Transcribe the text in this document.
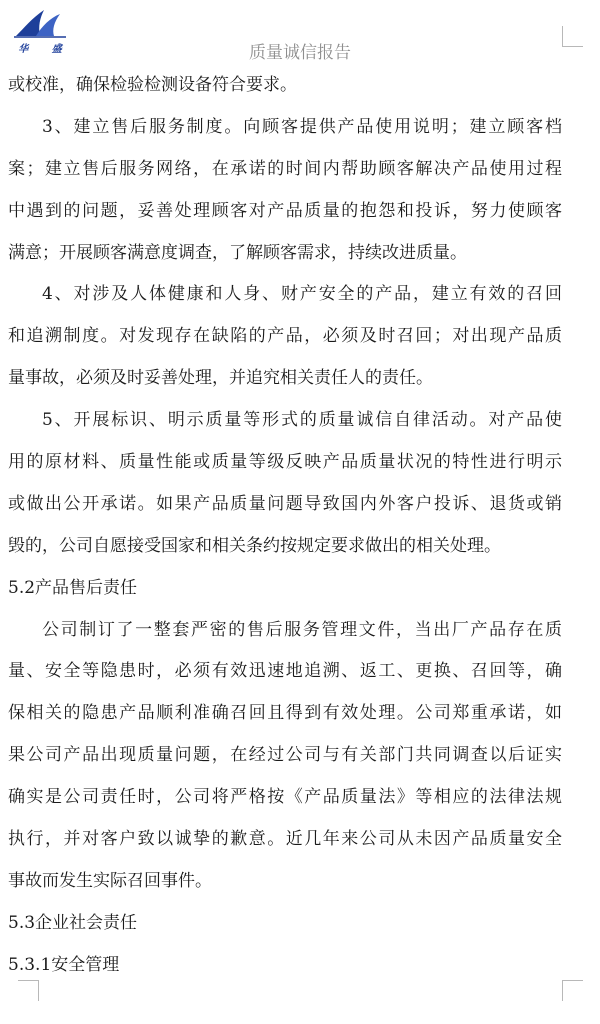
华 盛	质量诚信报告
或校准，确保检验检测设备符合要求。
3、建立售后服务制度。向顾客提供产品使用说明；建立顾客档
案；建立售后服务网络，在承诺的时间内帮助顾客解决产品使用过程
中遇到的问题，妥善处理顾客对产品质量的抱怨和投诉，努力使顾客
满意；开展顾客满意度调查，了解顾客需求，持续改进质量。
4、对涉及人体健康和人身、财产安全的产品，建立有效的召回
和追溯制度。对发现存在缺陷的产品，必须及时召回；对出现产品质
量事故，必须及时妥善处理，并追究相关责任人的责任。
5、开展标识、明示质量等形式的质量诚信自律活动。对产品使
用的原材料、质量性能或质量等级反映产品质量状况的特性进行明示
或做出公开承诺。如果产品质量问题导致国内外客户投诉、退货或销
毁的，公司自愿接受国家和相关条约按规定要求做出的相关处理。
5.2产品售后责任
公司制订了一整套严密的售后服务管理文件，当出厂产品存在质
量、安全等隐患时，必须有效迅速地追溯、返工、更换、召回等，确
保相关的隐患产品顺利准确召回且得到有效处理。公司郑重承诺，如
果公司产品出现质量问题，在经过公司与有关部门共同调查以后证实
确实是公司责任时，公司将严格按《产品质量法》等相应的法律法规
执行，并对客户致以诚挚的歉意。近几年来公司从未因产品质量安全
事故而发生实际召回事件。
5.3企业社会责任
5.3.1安全管理
